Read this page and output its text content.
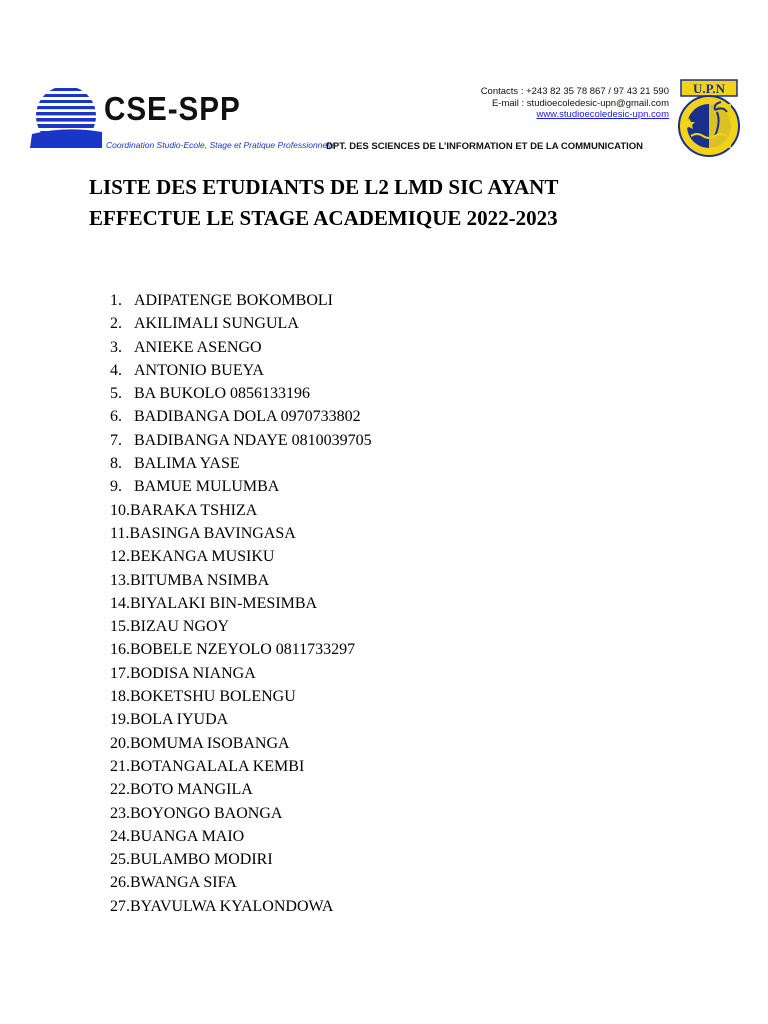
CSE-SPP
Coordination Studio-Ecole, Stage et Pratique Professionnelle
Contacts : +243 82 35 78 867 / 97 43 21 590
E-mail : studioecoledesic-upn@gmail.com
www.studioecoledesic-upn.com
DPT. DES SCIENCES DE L’INFORMATION ET DE LA COMMUNICATION
U.P.N
LISTE DES ETUDIANTS DE L2 LMD SIC AYANT
EFFECTUE LE STAGE ACADEMIQUE 2022-2023
1. ADIPATENGE BOKOMBOLI
2. AKILIMALI SUNGULA
3. ANIEKE ASENGO
4. ANTONIO BUEYA
5. BA BUKOLO 0856133196
6. BADIBANGA DOLA 0970733802
7. BADIBANGA NDAYE 0810039705
8. BALIMA YASE
9. BAMUE MULUMBA
10. BARAKA TSHIZA
11. BASINGA BAVINGASA
12. BEKANGA MUSIKU
13. BITUMBA NSIMBA
14. BIYALAKI BIN-MESIMBA
15. BIZAU NGOY
16. BOBELE NZEYOLO 0811733297
17. BODISA NIANGA
18. BOKETSHU BOLENGU
19. BOLA IYUDA
20. BOMUMA ISOBANGA
21. BOTANGALALA KEMBI
22. BOTO MANGILA
23. BOYONGO BAONGA
24. BUANGA MAIO
25. BULAMBO MODIRI
26. BWANGA SIFA
27. BYAVULWA KYALONDOWA
